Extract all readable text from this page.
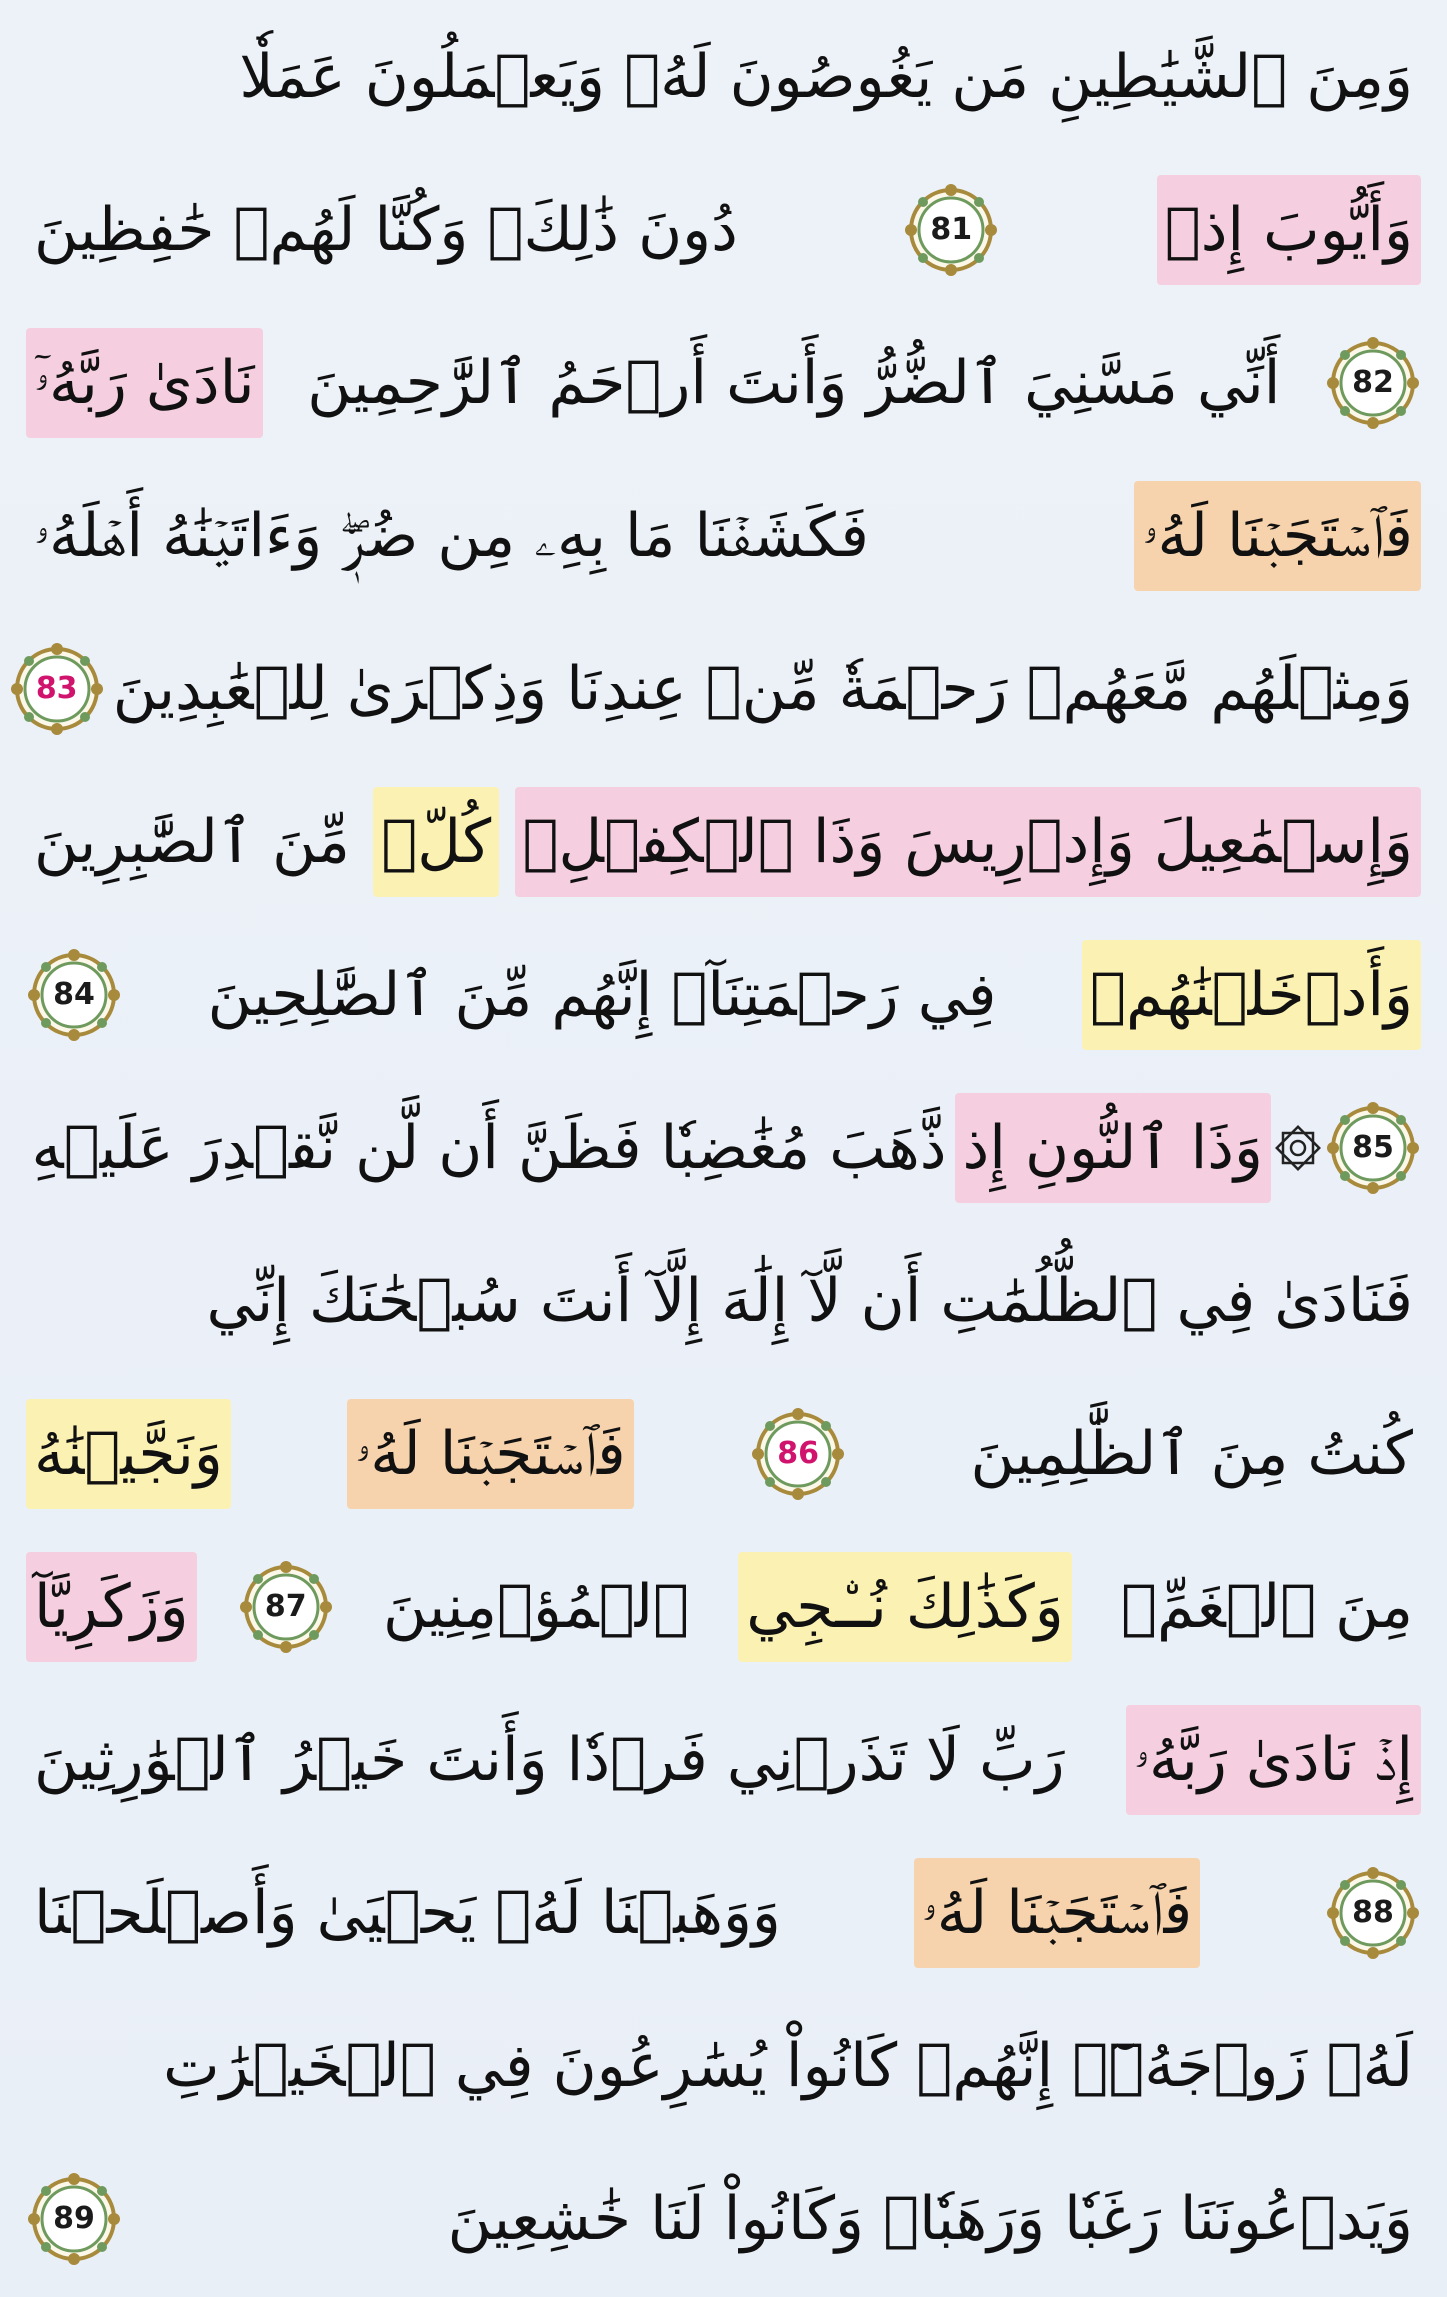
وَمِنَ ٱلشَّيَٰطِينِ مَن يَغُوصُونَ لَهُۥ وَيَعۡمَلُونَ عَمَلٗا
وَأَيُّوبَ إِذۡ
81
دُونَ ذَٰلِكَۖ وَكُنَّا لَهُمۡ حَٰفِظِينَ
82
أَنِّي مَسَّنِيَ ٱلضُّرُّ وَأَنتَ أَرۡحَمُ ٱلرَّٰحِمِينَ
نَادَىٰ رَبَّهُۥٓ
فَٱسۡتَجَبۡنَا لَهُۥ
فَكَشَفۡنَا مَا بِهِۦ مِن ضُرّٖۖ وَءَاتَيۡنَٰهُ أَهۡلَهُۥ
وَمِثۡلَهُم مَّعَهُمۡ رَحۡمَةٗ مِّنۡ عِندِنَا وَذِكۡرَىٰ لِلۡعَٰبِدِينَ
83
وَإِسۡمَٰعِيلَ وَإِدۡرِيسَ وَذَا ٱلۡكِفۡلِۖ
كُلّٞ
مِّنَ ٱلصَّٰبِرِينَ
وَأَدۡخَلۡنَٰهُمۡ
فِي رَحۡمَتِنَآۖ إِنَّهُم مِّنَ ٱلصَّٰلِحِينَ
84
85
وَذَا ٱلنُّونِ إِذ
ذَّهَبَ مُغَٰضِبٗا فَظَنَّ أَن لَّن نَّقۡدِرَ عَلَيۡهِ
فَنَادَىٰ فِي ٱلظُّلُمَٰتِ أَن لَّآ إِلَٰهَ إِلَّآ أَنتَ سُبۡحَٰنَكَ إِنِّي
كُنتُ مِنَ ٱلظَّٰلِمِينَ
86
فَٱسۡتَجَبۡنَا لَهُۥ
وَنَجَّيۡنَٰهُ
مِنَ ٱلۡغَمِّۚ
وَكَذَٰلِكَ نُـۨجِي
ٱلۡمُؤۡمِنِينَ
87
وَزَكَرِيَّآ
إِذۡ نَادَىٰ رَبَّهُۥ
رَبِّ لَا تَذَرۡنِي فَرۡدٗا وَأَنتَ خَيۡرُ ٱلۡوَٰرِثِينَ
88
فَٱسۡتَجَبۡنَا لَهُۥ
وَوَهَبۡنَا لَهُۥ يَحۡيَىٰ وَأَصۡلَحۡنَا
لَهُۥ زَوۡجَهُۥٓۚ إِنَّهُمۡ كَانُواْ يُسَٰرِعُونَ فِي ٱلۡخَيۡرَٰتِ
وَيَدۡعُونَنَا رَغَبٗا وَرَهَبٗاۖ وَكَانُواْ لَنَا خَٰشِعِينَ
89
